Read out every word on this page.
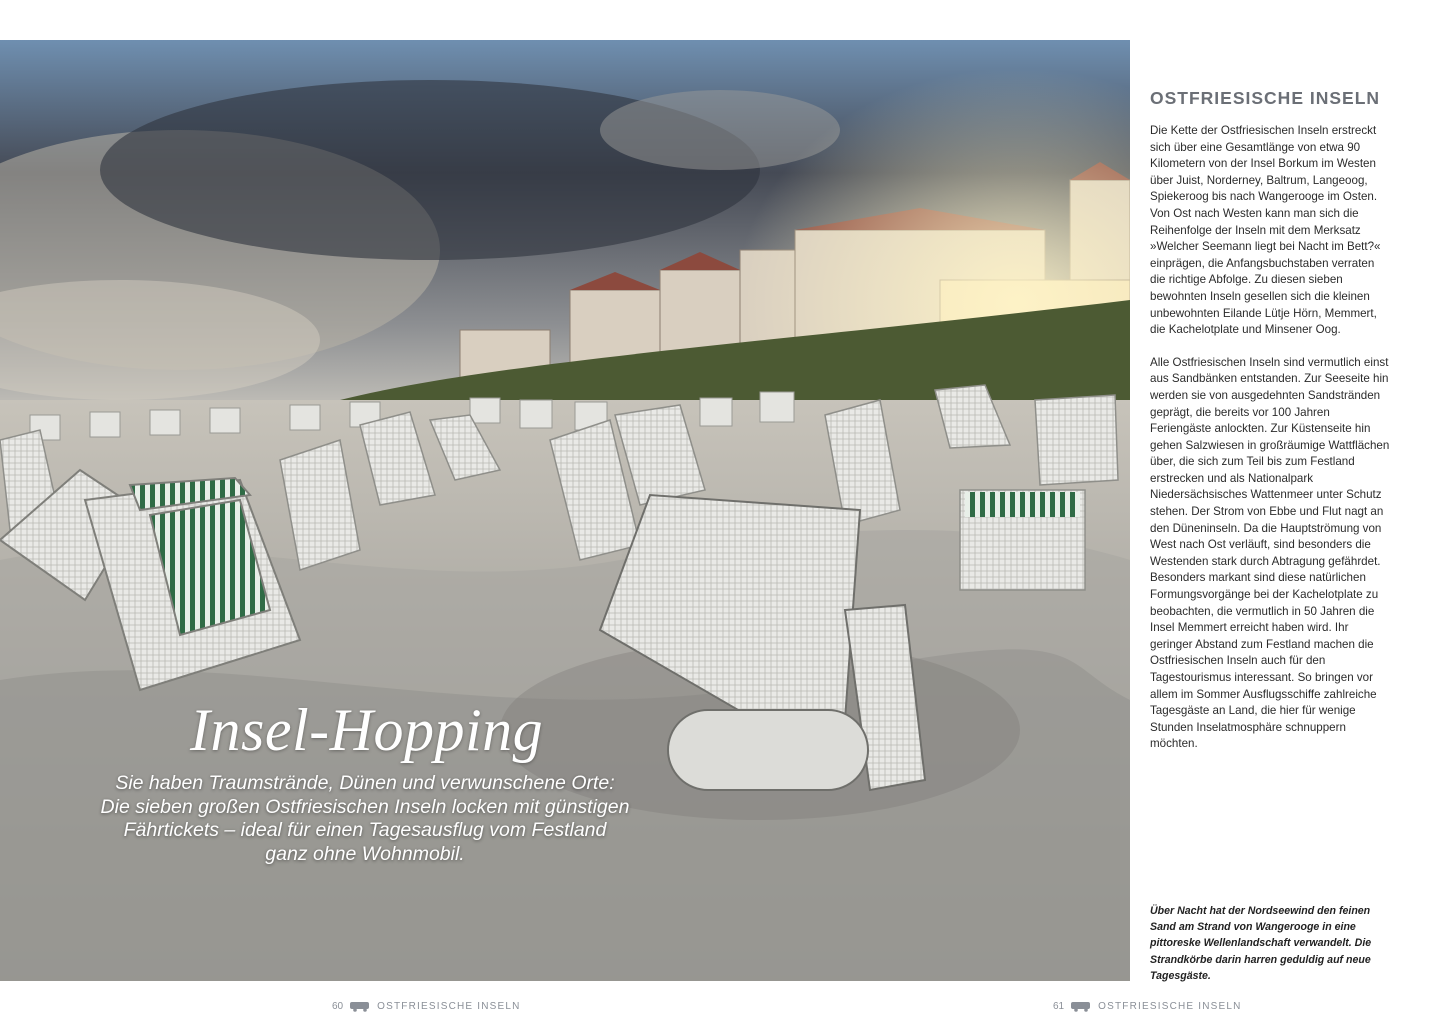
Insel-Hopping
Sie haben Traumstrände, Dünen und verwunschene Orte:
Die sieben großen Ostfriesischen Inseln locken mit günstigen
Fährtickets – ideal für einen Tagesausflug vom Festland
ganz ohne Wohnmobil.
OSTFRIESISCHE INSELN

Die Kette der Ostfriesischen Inseln erstreckt sich über eine Gesamtlänge von etwa 90 Kilometern von der Insel Borkum im Westen über Juist, Norderney, Baltrum, Langeoog, Spiekeroog bis nach Wangerooge im Osten. Von Ost nach Westen kann man sich die Reihenfolge der Inseln mit dem Merksatz »Welcher Seemann liegt bei Nacht im Bett?« einprägen, die Anfangsbuchstaben verraten die richtige Abfolge. Zu diesen sieben bewohnten Inseln gesellen sich die kleinen unbewohnten Eilande Lütje Hörn, Memmert, die Kachelotplate und Minsener Oog.

Alle Ostfriesischen Inseln sind vermutlich einst aus Sandbänken entstanden. Zur Seeseite hin werden sie von ausgedehnten Sandstränden geprägt, die bereits vor 100 Jahren Feriengäste anlockten. Zur Küstenseite hin gehen Salzwiesen in großräumige Wattflächen über, die sich zum Teil bis zum Festland erstrecken und als Nationalpark Niedersächsisches Wattenmeer unter Schutz stehen. Der Strom von Ebbe und Flut nagt an den Düneninseln. Da die Hauptströmung von West nach Ost verläuft, sind besonders die Westenden stark durch Abtragung gefährdet. Besonders markant sind diese natürlichen Formungsvorgänge bei der Kachelotplate zu beobachten, die vermutlich in 50 Jahren die Insel Memmert erreicht haben wird. Ihr geringer Abstand zum Festland machen die Ostfriesischen Inseln auch für den Tagestourismus interessant. So bringen vor allem im Sommer Ausflugsschiffe zahlreiche Tagesgäste an Land, die hier für wenige Stunden Inselatmosphäre schnuppern möchten.

Über Nacht hat der Nordseewind den feinen Sand am Strand von Wangerooge in eine pittoreske Wellenlandschaft verwandelt. Die Strandkörbe darin harren geduldig auf neue Tagesgäste.
60	OSTFRIESISCHE INSELN	61	OSTFRIESISCHE INSELN
